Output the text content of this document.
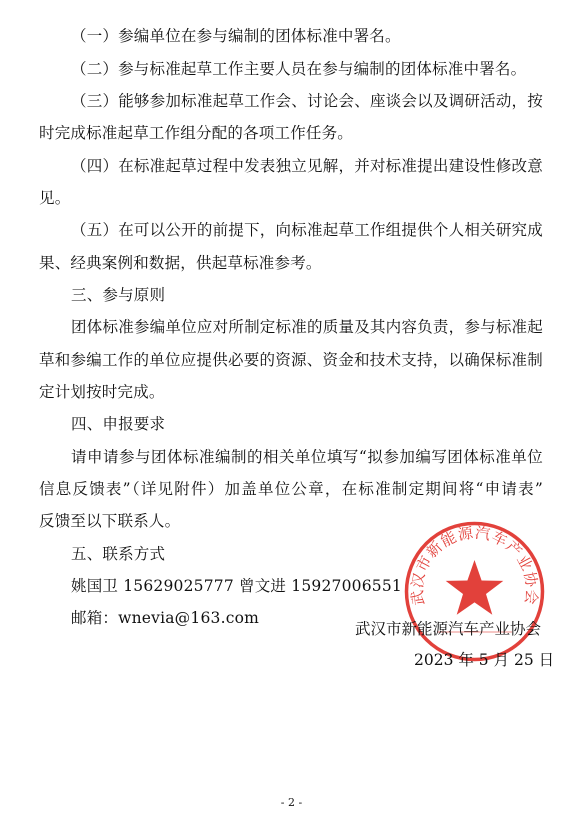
（一）参编单位在参与编制的团体标准中署名。
（二）参与标准起草工作主要人员在参与编制的团体标准中署名。
（三）能够参加标准起草工作会、讨论会、座谈会以及调研活动，按
时完成标准起草工作组分配的各项工作任务。
（四）在标准起草过程中发表独立见解，并对标准提出建设性修改意
见。
（五）在可以公开的前提下，向标准起草工作组提供个人相关研究成
果、经典案例和数据，供起草标准参考。
三、参与原则
团体标准参编单位应对所制定标准的质量及其内容负责，参与标准起
草和参编工作的单位应提供必要的资源、资金和技术支持，以确保标准制
定计划按时完成。
四、申报要求
请申请参与团体标准编制的相关单位填写“拟参加编写团体标准单位
信息反馈表”（详见附件）加盖单位公章，在标准制定期间将“申请表”
反馈至以下联系人。
五、联系方式
姚国卫 15629025777 曾文进 15927006551
邮箱：wnevia@163.com
武汉市新能源汽车产业协会
武汉市新能源汽车产业协会
2023 年 5 月 25 日
- 2 -
